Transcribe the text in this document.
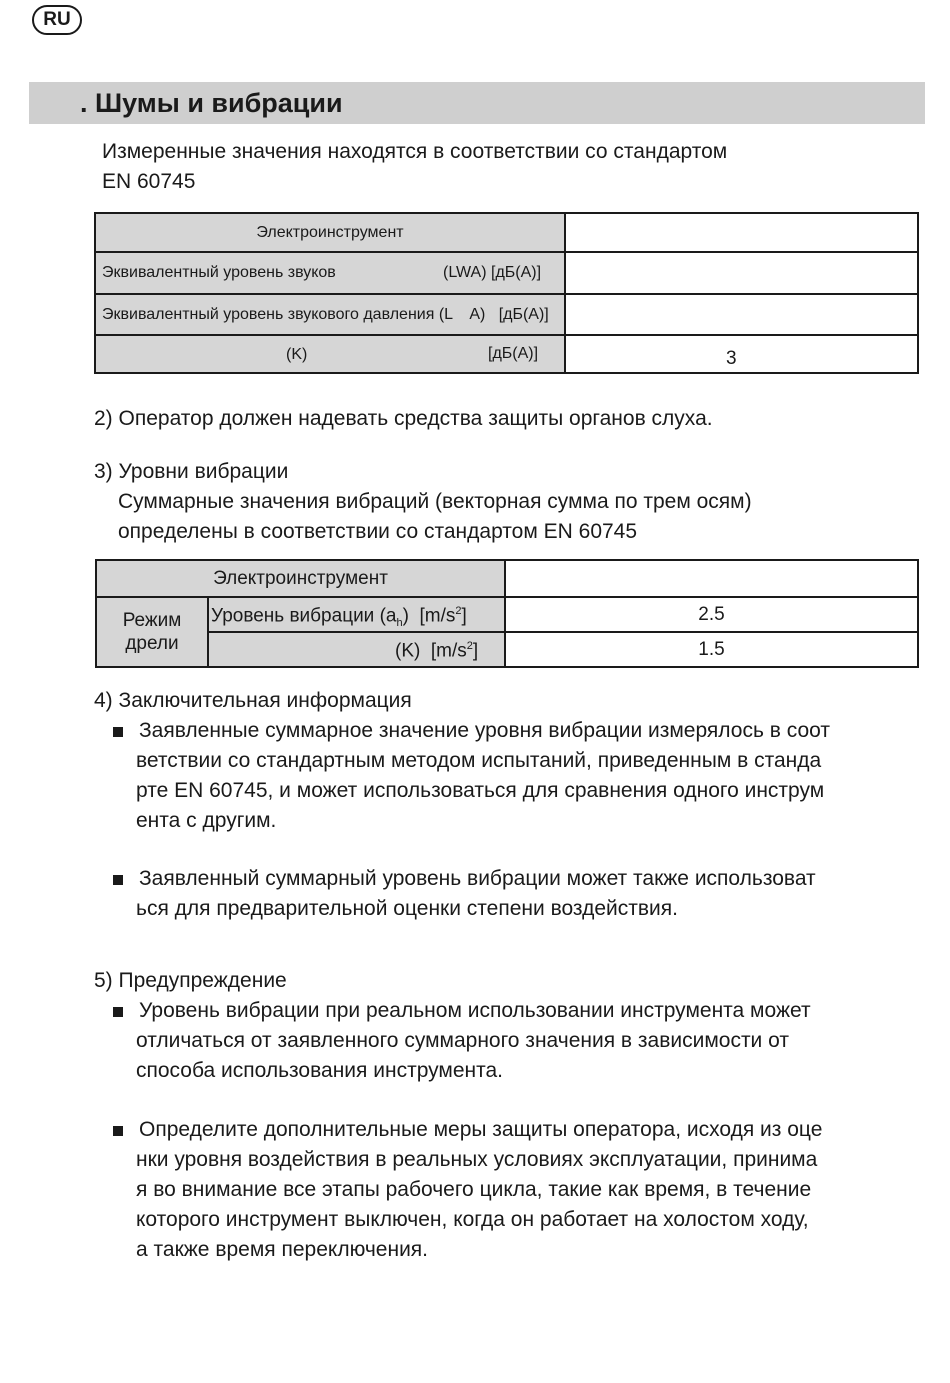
RU
. Шумы и вибрации
Измеренные значения находятся в соответствии со стандартом
EN 60745
Электроинструмент
Эквивалентный уровень звуков	(LWA) [дБ(A)]
Эквивалентный уровень звукового давления (L    A)   [дБ(A)]
(K)	[дБ(A)]	3
2) Оператор должен надевать средства защиты органов слуха.
3) Уровни вибрации
Суммарные значения вибраций (векторная сумма по трем осям)
определены в соответствии со стандартом EN 60745
Электроинструмент
Режим
дрели
Уровень вибрации $(a_h)$  $[m/s^2]$	2.5
(K)  $[m/s^2]$	1.5
4) Заключительная информация
Заявленные суммарное значение уровня вибрации измерялось в соот
ветствии со стандартным методом испытаний, приведенным в станда
рте EN 60745, и может использоваться для сравнения одного инструм
ента с другим.
Заявленный суммарный уровень вибрации может также использоват
ься для предварительной оценки степени воздействия.
5) Предупреждение
Уровень вибрации при реальном использовании инструмента может
отличаться от заявленного суммарного значения в зависимости от
способа использования инструмента.
Определите дополнительные меры защиты оператора, исходя из оце
нки уровня воздействия в реальных условиях эксплуатации, принима
я во внимание все этапы рабочего цикла, такие как время, в течение
которого инструмент выключен, когда он работает на холостом ходу,
а также время переключения.
